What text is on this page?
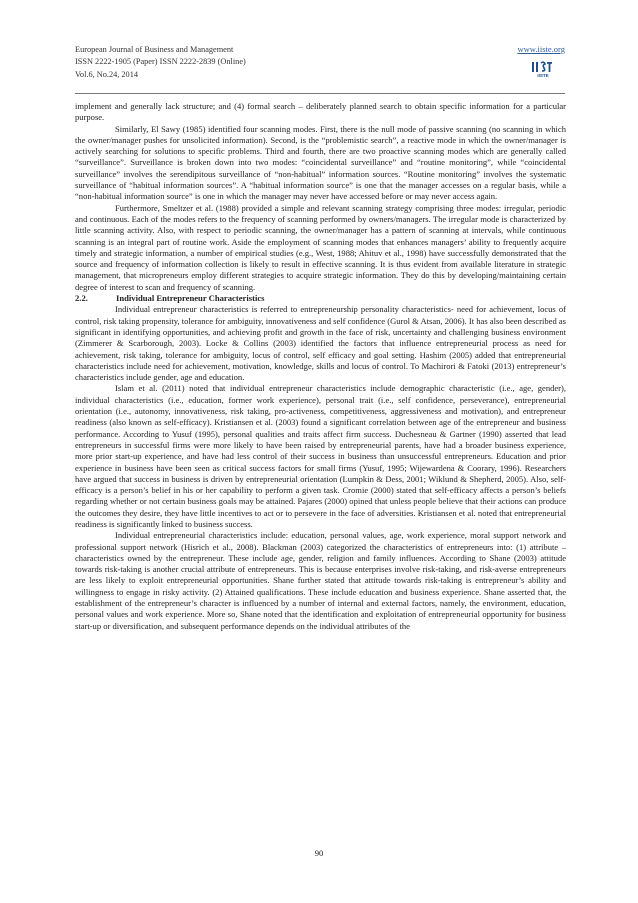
European Journal of Business and Management
ISSN 2222-1905 (Paper) ISSN 2222-2839 (Online)
Vol.6, No.24, 2014
www.iiste.org
IISTE

implement and generally lack structure; and (4) formal search – deliberately planned search to obtain specific information for a particular purpose.

Similarly, El Sawy (1985) identified four scanning modes. First, there is the null mode of passive scanning (no scanning in which the owner/manager pushes for unsolicited information). Second, is the “problemistic search”, a reactive mode in which the owner/manager is actively searching for solutions to specific problems. Third and fourth, there are two proactive scanning modes which are generally called “surveillance”. Surveillance is broken down into two modes: “coincidental surveillance” and “routine monitoring”, while “coincidental surveillance” involves the serendipitous surveillance of “non-habitual” information sources. “Routine monitoring” involves the systematic surveillance of “habitual information sources”. A “habitual information source” is one that the manager accesses on a regular basis, while a “non-habitual information source” is one in which the manager may never have accessed before or may never access again.

Furthermore, Smeltzer et al. (1988) provided a simple and relevant scanning strategy comprising three modes: irregular, periodic and continuous. Each of the modes refers to the frequency of scanning performed by owners/managers. The irregular mode is characterized by little scanning activity. Also, with respect to periodic scanning, the owner/manager has a pattern of scanning at intervals, while continuous scanning is an integral part of routine work. Aside the employment of scanning modes that enhances managers’ ability to frequently acquire timely and strategic information, a number of empirical studies (e.g., West, 1988; Ahituv et al., 1998) have successfully demonstrated that the source and frequency of information collection is likely to result in effective scanning. It is thus evident from available literature in strategic management, that micropreneurs employ different strategies to acquire strategic information. They do this by developing/maintaining certain degree of interest to scan and frequency of scanning.

2.2.	Individual Entrepreneur Characteristics

Individual entrepreneur characteristics is referred to entrepreneurship personality characteristics- need for achievement, locus of control, risk taking propensity, tolerance for ambiguity, innovativeness and self confidence (Gurol & Atsan, 2006). It has also been described as significant in identifying opportunities, and achieving profit and growth in the face of risk, uncertainty and challenging business environment (Zimmerer & Scarborough, 2003). Locke & Collins (2003) identified the factors that influence entrepreneurial process as need for achievement, risk taking, tolerance for ambiguity, locus of control, self efficacy and goal setting. Hashim (2005) added that entrepreneurial characteristics include need for achievement, motivation, knowledge, skills and locus of control. To Machirori & Fatoki (2013) entrepreneur’s characteristics include gender, age and education.

Islam et al. (2011) noted that individual entrepreneur characteristics include demographic characteristic (i.e., age, gender), individual characteristics (i.e., education, former work experience), personal trait (i.e., self confidence, perseverance), entrepreneurial orientation (i.e., autonomy, innovativeness, risk taking, pro-activeness, competitiveness, aggressiveness and motivation), and entrepreneur readiness (also known as self-efficacy). Kristiansen et al. (2003) found a significant correlation between age of the entrepreneur and business performance. According to Yusuf (1995), personal qualities and traits affect firm success. Duchesneau & Gartner (1990) asserted that lead entrepreneurs in successful firms were more likely to have been raised by entrepreneurial parents, have had a broader business experience, more prior start-up experience, and have had less control of their success in business than unsuccessful entrepreneurs. Education and prior experience in business have been seen as critical success factors for small firms (Yusuf, 1995; Wijewardena & Coorary, 1996). Researchers have argued that success in business is driven by entrepreneurial orientation (Lumpkin & Dess, 2001; Wiklund & Shepherd, 2005). Also, self-efficacy is a person’s belief in his or her capability to perform a given task. Cromie (2000) stated that self-efficacy affects a person’s beliefs regarding whether or not certain business goals may be attained. Pajares (2000) opined that unless people believe that their actions can produce the outcomes they desire, they have little incentives to act or to persevere in the face of adversities. Kristiansen et al. noted that entrepreneurial readiness is significantly linked to business success.

Individual entrepreneurial characteristics include: education, personal values, age, work experience, moral support network and professional support network (Hisrich et al., 2008). Blackman (2003) categorized the characteristics of entrepreneurs into: (1) attribute – characteristics owned by the entrepreneur. These include age, gender, religion and family influences. According to Shane (2003) attitude towards risk-taking is another crucial attribute of entrepreneurs. This is because enterprises involve risk-taking, and risk-averse entrepreneurs are less likely to exploit entrepreneurial opportunities. Shane further stated that attitude towards risk-taking is entrepreneur’s ability and willingness to engage in risky activity. (2) Attained qualifications. These include education and business experience. Shane asserted that, the establishment of the entrepreneur’s character is influenced by a number of internal and external factors, namely, the environment, education, personal values and work experience. More so, Shane noted that the identification and exploitation of entrepreneurial opportunity for business start-up or diversification, and subsequent performance depends on the individual attributes of the

90
